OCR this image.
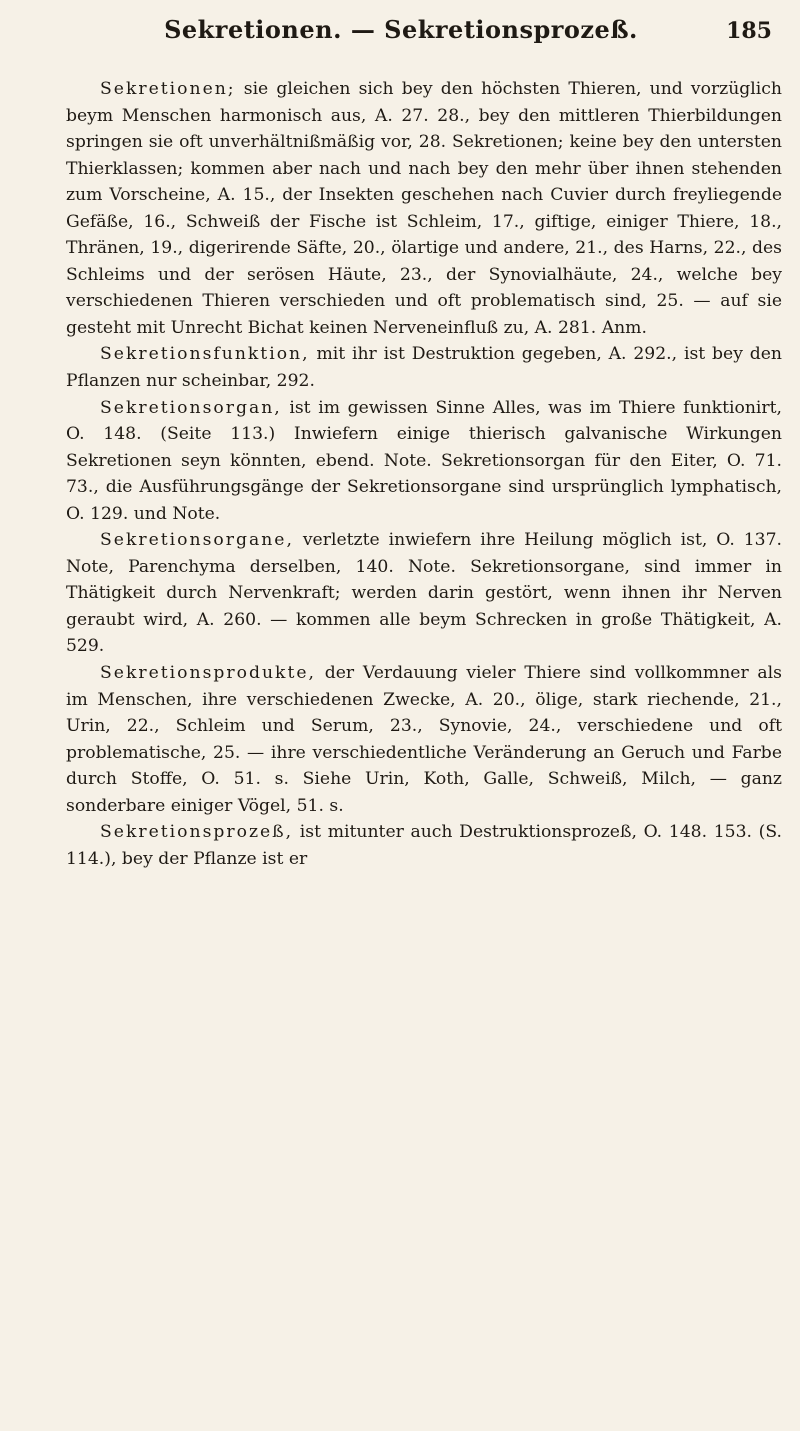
Sekretionen. — Sekretionsprozeß.	185

Sekretionen; sie gleichen sich bey den höchsten Thieren, und vorzüglich beym Menschen harmonisch aus, A. 27. 28., bey den mittleren Thierbildungen springen sie oft unverhältnißmäßig vor, 28. Sekretionen; keine bey den untersten Thierklassen; kommen aber nach und nach bey den mehr über ihnen stehenden zum Vorscheine, A. 15., der Insekten geschehen nach Cuvier durch freyliegende Gefäße, 16., Schweiß der Fische ist Schleim, 17., giftige, einiger Thiere, 18., Thränen, 19., digerirende Säfte, 20., ölartige und andere, 21., des Harns, 22., des Schleims und der serösen Häute, 23., der Synovialhäute, 24., welche bey verschiedenen Thieren verschieden und oft problematisch sind, 25. — auf sie gesteht mit Unrecht Bichat keinen Nerveneinfluß zu, A. 281. Anm.

Sekretionsfunktion, mit ihr ist Destruktion gegeben, A. 292., ist bey den Pflanzen nur scheinbar, 292.

Sekretionsorgan, ist im gewissen Sinne Alles, was im Thiere funktionirt, O. 148. (Seite 113.) Inwiefern einige thierisch galvanische Wirkungen Sekretionen seyn könnten, ebend. Note. Sekretionsorgan für den Eiter, O. 71. 73., die Ausführungsgänge der Sekretionsorgane sind ursprünglich lymphatisch, O. 129. und Note.

Sekretionsorgane, verletzte inwiefern ihre Heilung möglich ist, O. 137. Note, Parenchyma derselben, 140. Note. Sekretionsorgane, sind immer in Thätigkeit durch Nervenkraft; werden darin gestört, wenn ihnen ihr Nerven geraubt wird, A. 260. — kommen alle beym Schrecken in große Thätigkeit, A. 529.

Sekretionsprodukte, der Verdauung vieler Thiere sind vollkommner als im Menschen, ihre verschiedenen Zwecke, A. 20., ölige, stark riechende, 21., Urin, 22., Schleim und Serum, 23., Synovie, 24., verschiedene und oft problematische, 25. — ihre verschiedentliche Veränderung an Geruch und Farbe durch Stoffe, O. 51. s. Siehe Urin, Koth, Galle, Schweiß, Milch, — ganz sonderbare einiger Vögel, 51. s.

Sekretionsprozeß, ist mitunter auch Destruktionsprozeß, O. 148. 153. (S. 114.), bey der Pflanze ist er
